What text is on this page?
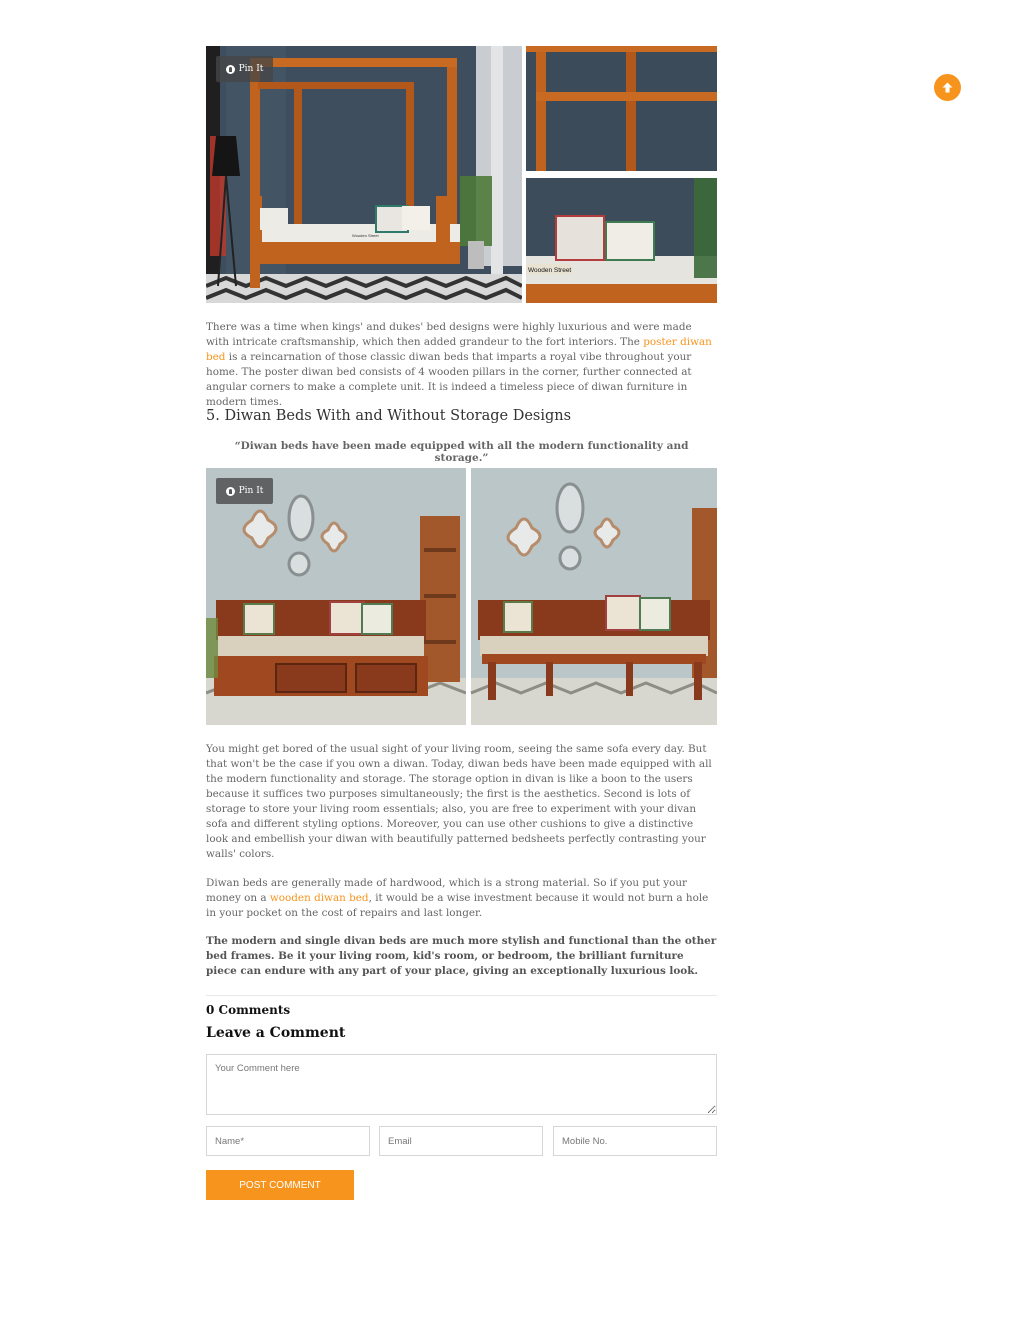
Wooden Street
Wooden Street
Pin It

There was a time when kings' and dukes' bed designs were highly luxurious and were made with intricate craftsmanship, which then added grandeur to the fort interiors. The poster diwan bed is a reincarnation of those classic diwan beds that imparts a royal vibe throughout your home. The poster diwan bed consists of 4 wooden pillars in the corner, further connected at angular corners to make a complete unit. It is indeed a timeless piece of diwan furniture in modern times.

5. Diwan Beds With and Without Storage Designs
“Diwan beds have been made equipped with all the modern functionality and storage.”
Pin It

You might get bored of the usual sight of your living room, seeing the same sofa every day. But that won't be the case if you own a diwan. Today, diwan beds have been made equipped with all the modern functionality and storage. The storage option in divan is like a boon to the users because it suffices two purposes simultaneously; the first is the aesthetics. Second is lots of storage to store your living room essentials; also, you are free to experiment with your divan sofa and different styling options. Moreover, you can use other cushions to give a distinctive look and embellish your diwan with beautifully patterned bedsheets perfectly contrasting your walls' colors.

Diwan beds are generally made of hardwood, which is a strong material. So if you put your money on a wooden diwan bed, it would be a wise investment because it would not burn a hole in your pocket on the cost of repairs and last longer.

The modern and single divan beds are much more stylish and functional than the other bed frames. Be it your living room, kid's room, or bedroom, the brilliant furniture piece can endure with any part of your place, giving an exceptionally luxurious look.

0 Comments
Leave a Comment
Your Comment here
Name*
Email
Mobile No.
POST COMMENT
